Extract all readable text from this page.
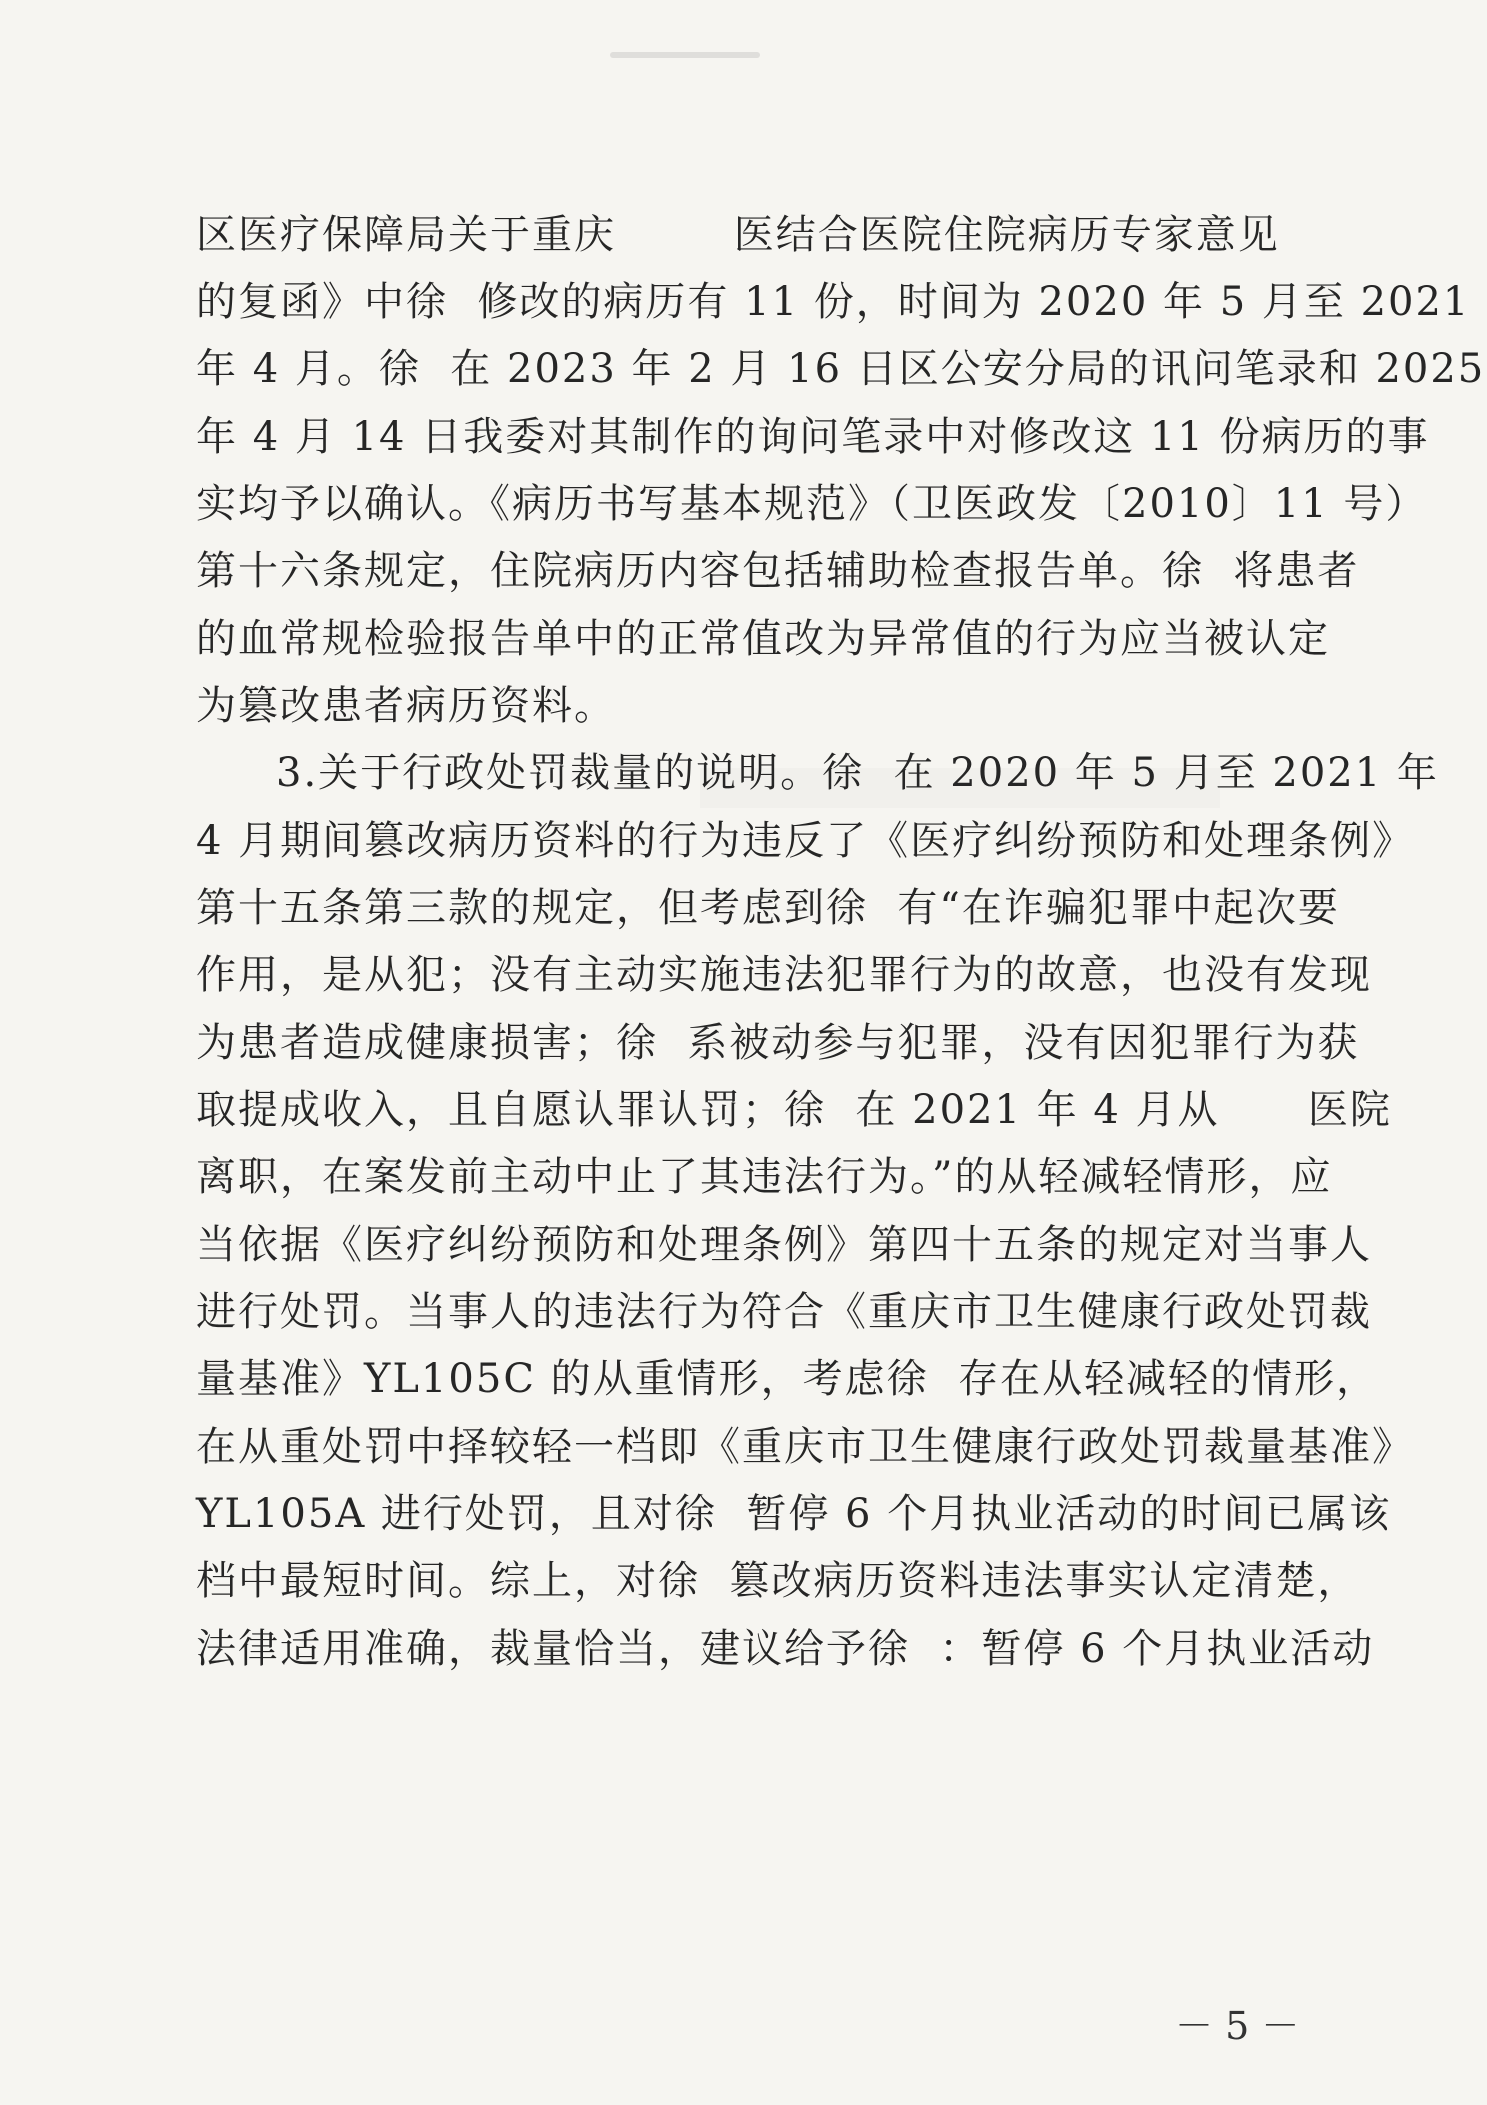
区医疗保障局关于重庆        医结合医院住院病历专家意见
的复函》中徐  修改的病历有 11 份，时间为 2020 年 5 月至 2021
年 4 月。徐  在 2023 年 2 月 16 日区公安分局的讯问笔录和 2025
年 4 月 14 日我委对其制作的询问笔录中对修改这 11 份病历的事
实均予以确认。《病历书写基本规范》（卫医政发〔2010〕11 号）
第十六条规定，住院病历内容包括辅助检查报告单。徐  将患者
的血常规检验报告单中的正常值改为异常值的行为应当被认定
为篡改患者病历资料。
3.关于行政处罚裁量的说明。徐  在 2020 年 5 月至 2021 年
4 月期间篡改病历资料的行为违反了《医疗纠纷预防和处理条例》
第十五条第三款的规定，但考虑到徐  有“在诈骗犯罪中起次要
作用，是从犯；没有主动实施违法犯罪行为的故意，也没有发现
为患者造成健康损害；徐  系被动参与犯罪，没有因犯罪行为获
取提成收入，且自愿认罪认罚；徐  在 2021 年 4 月从      医院
离职，在案发前主动中止了其违法行为。”的从轻减轻情形，应
当依据《医疗纠纷预防和处理条例》第四十五条的规定对当事人
进行处罚。当事人的违法行为符合《重庆市卫生健康行政处罚裁
量基准》YL105C 的从重情形，考虑徐  存在从轻减轻的情形，
在从重处罚中择较轻一档即《重庆市卫生健康行政处罚裁量基准》
YL105A 进行处罚，且对徐  暂停 6 个月执业活动的时间已属该
档中最短时间。综上，对徐  篡改病历资料违法事实认定清楚，
法律适用准确，裁量恰当，建议给予徐  ：暂停 6 个月执业活动
－ 5 －
